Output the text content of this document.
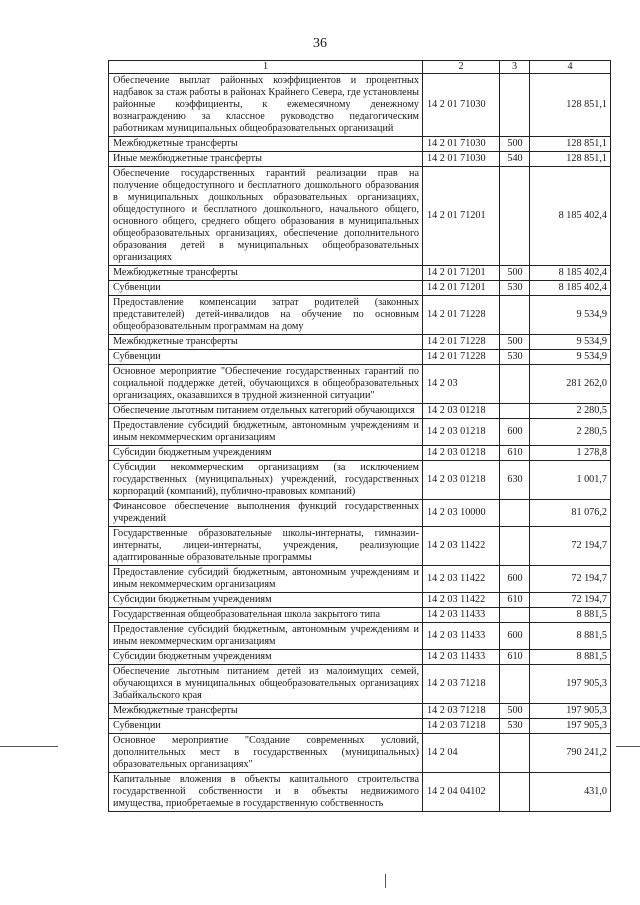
36
1	2	3	4
Обеспечение выплат районных коэффициентов и процентных надбавок за стаж работы в районах Крайнего Севера, где установлены районные коэффициенты, к ежемесячному денежному вознаграждению за классное руководство педагогическим работникам муниципальных общеобразовательных организаций	14 2 01 71030		128 851,1
Межбюджетные трансферты	14 2 01 71030	500	128 851,1
Иные межбюджетные трансферты	14 2 01 71030	540	128 851,1
Обеспечение государственных гарантий реализации прав на получение общедоступного и бесплатного дошкольного образования в муниципальных дошкольных образовательных организациях, общедоступного и бесплатного дошкольного, начального общего, основного общего, среднего общего образования в муниципальных общеобразовательных организациях, обеспечение дополнительного образования детей в муниципальных общеобразовательных организациях	14 2 01 71201		8 185 402,4
Межбюджетные трансферты	14 2 01 71201	500	8 185 402,4
Субвенции	14 2 01 71201	530	8 185 402,4
Предоставление компенсации затрат родителей (законных представителей) детей-инвалидов на обучение по основным общеобразовательным программам на дому	14 2 01 71228		9 534,9
Межбюджетные трансферты	14 2 01 71228	500	9 534,9
Субвенции	14 2 01 71228	530	9 534,9
Основное мероприятие "Обеспечение государственных гарантий по социальной поддержке детей, обучающихся в общеобразовательных организациях, оказавшихся в трудной жизненной ситуации"	14 2 03		281 262,0
Обеспечение льготным питанием отдельных категорий обучающихся	14 2 03 01218		2 280,5
Предоставление субсидий бюджетным, автономным учреждениям и иным некоммерческим организациям	14 2 03 01218	600	2 280,5
Субсидии бюджетным учреждениям	14 2 03 01218	610	1 278,8
Субсидии некоммерческим организациям (за исключением государственных (муниципальных) учреждений, государственных корпораций (компаний), публично-правовых компаний)	14 2 03 01218	630	1 001,7
Финансовое обеспечение выполнения функций государственных учреждений	14 2 03 10000		81 076,2
Государственные образовательные школы-интернаты, гимназии-интернаты, лицеи-интернаты, учреждения, реализующие адаптированные образовательные программы	14 2 03 11422		72 194,7
Предоставление субсидий бюджетным, автономным учреждениям и иным некоммерческим организациям	14 2 03 11422	600	72 194,7
Субсидии бюджетным учреждениям	14 2 03 11422	610	72 194,7
Государственная общеобразовательная школа закрытого типа	14 2 03 11433		8 881,5
Предоставление субсидий бюджетным, автономным учреждениям и иным некоммерческим организациям	14 2 03 11433	600	8 881,5
Субсидии бюджетным учреждениям	14 2 03 11433	610	8 881,5
Обеспечение льготным питанием детей из малоимущих семей, обучающихся в муниципальных общеобразовательных организациях Забайкальского края	14 2 03 71218		197 905,3
Межбюджетные трансферты	14 2 03 71218	500	197 905,3
Субвенции	14 2 03 71218	530	197 905,3
Основное мероприятие "Создание современных условий, дополнительных мест в государственных (муниципальных) образовательных организациях"	14 2 04		790 241,2
Капитальные вложения в объекты капитального строительства государственной собственности и в объекты недвижимого имущества, приобретаемые в государственную собственность	14 2 04 04102		431,0
